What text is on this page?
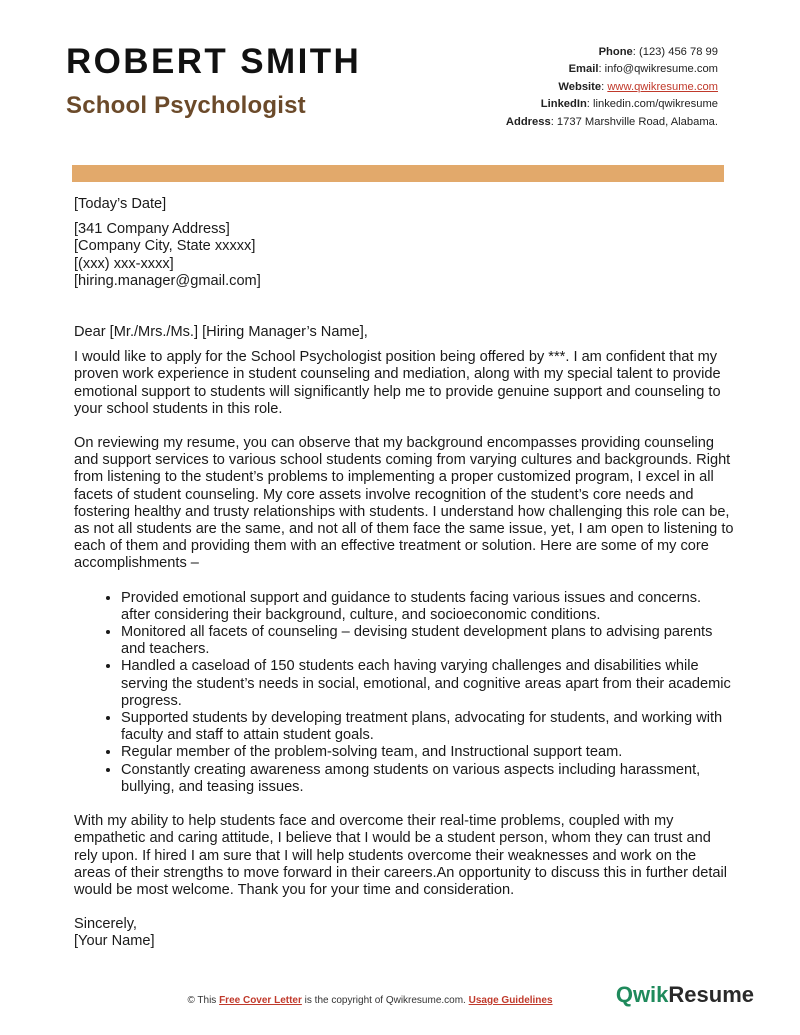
ROBERT SMITH
School Psychologist
Phone: (123) 456 78 99
Email: info@qwikresume.com
Website: www.qwikresume.com
LinkedIn: linkedin.com/qwikresume
Address: 1737 Marshville Road, Alabama.

[Today’s Date]

[341 Company Address]

[Company City, State xxxxx]

[(xxx) xxx-xxxx]

[hiring.manager@gmail.com]

Dear [Mr./Mrs./Ms.] [Hiring Manager’s Name],

I would like to apply for the School Psychologist position being offered by ***. I am confident that my proven work experience in student counseling and mediation, along with my special talent to provide emotional support to students will significantly help me to provide genuine support and counseling to your school students in this role.

On reviewing my resume, you can observe that my background encompasses providing counseling and support services to various school students coming from varying cultures and backgrounds. Right from listening to the student’s problems to implementing a proper customized program, I excel in all facets of student counseling. My core assets involve recognition of the student’s core needs and fostering healthy and trusty relationships with students. I understand how challenging this role can be, as not all students are the same, and not all of them face the same issue, yet, I am open to listening to each of them and providing them with an effective treatment or solution. Here are some of my core accomplishments –

• Provided emotional support and guidance to students facing various issues and concerns. after considering their background, culture, and socioeconomic conditions.
• Monitored all facets of counseling – devising student development plans to advising parents and teachers.
• Handled a caseload of 150 students each having varying challenges and disabilities while serving the student’s needs in social, emotional, and cognitive areas apart from their academic progress.
• Supported students by developing treatment plans, advocating for students, and working with faculty and staff to attain student goals.
• Regular member of the problem-solving team, and Instructional support team.
• Constantly creating awareness among students on various aspects including harassment, bullying, and teasing issues.

With my ability to help students face and overcome their real-time problems, coupled with my empathetic and caring attitude, I believe that I would be a student person, whom they can trust and rely upon. If hired I am sure that I will help students overcome their weaknesses and work on the areas of their strengths to move forward in their careers.An opportunity to discuss this in further detail would be most welcome. Thank you for your time and consideration.

Sincerely,

[Your Name]

© This Free Cover Letter is the copyright of Qwikresume.com. Usage Guidelines	QwikResume
